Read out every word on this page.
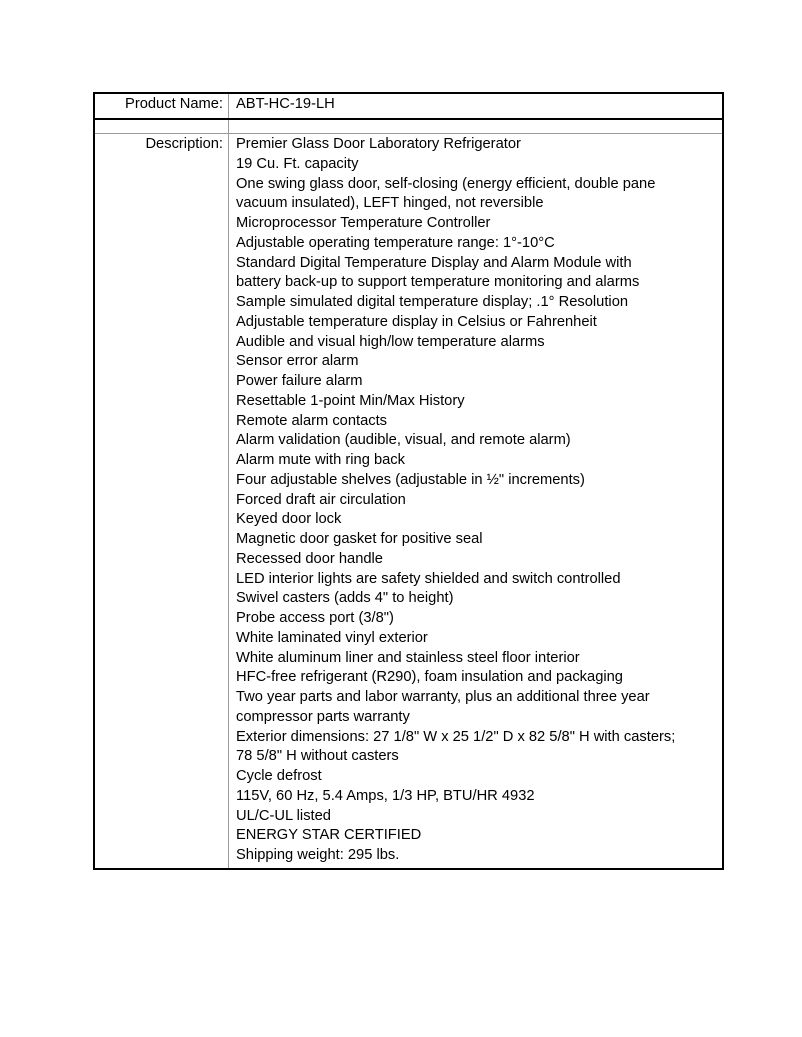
Product Name:	ABT-HC-19-LH

Description:	Premier Glass Door Laboratory Refrigerator
19 Cu. Ft. capacity
One swing glass door, self-closing (energy efficient, double pane
vacuum insulated), LEFT hinged, not reversible
Microprocessor Temperature Controller
Adjustable operating temperature range: 1°-10°C
Standard Digital Temperature Display and Alarm Module with
battery back-up to support temperature monitoring and alarms
Sample simulated digital temperature display; .1° Resolution
Adjustable temperature display in Celsius or Fahrenheit
Audible and visual high/low temperature alarms
Sensor error alarm
Power failure alarm
Resettable 1-point Min/Max History
Remote alarm contacts
Alarm validation (audible, visual, and remote alarm)
Alarm mute with ring back
Four adjustable shelves (adjustable in ½" increments)
Forced draft air circulation
Keyed door lock
Magnetic door gasket for positive seal
Recessed door handle
LED interior lights are safety shielded and switch controlled
Swivel casters (adds 4" to height)
Probe access port (3/8")
White laminated vinyl exterior
White aluminum liner and stainless steel floor interior
HFC-free refrigerant (R290), foam insulation and packaging
Two year parts and labor warranty, plus an additional three year
compressor parts warranty
Exterior dimensions: 27 1/8" W x 25 1/2" D x 82 5/8" H with casters;
78 5/8" H without casters
Cycle defrost
115V, 60 Hz, 5.4 Amps, 1/3 HP, BTU/HR 4932
UL/C-UL listed
ENERGY STAR CERTIFIED
Shipping weight: 295 lbs.
